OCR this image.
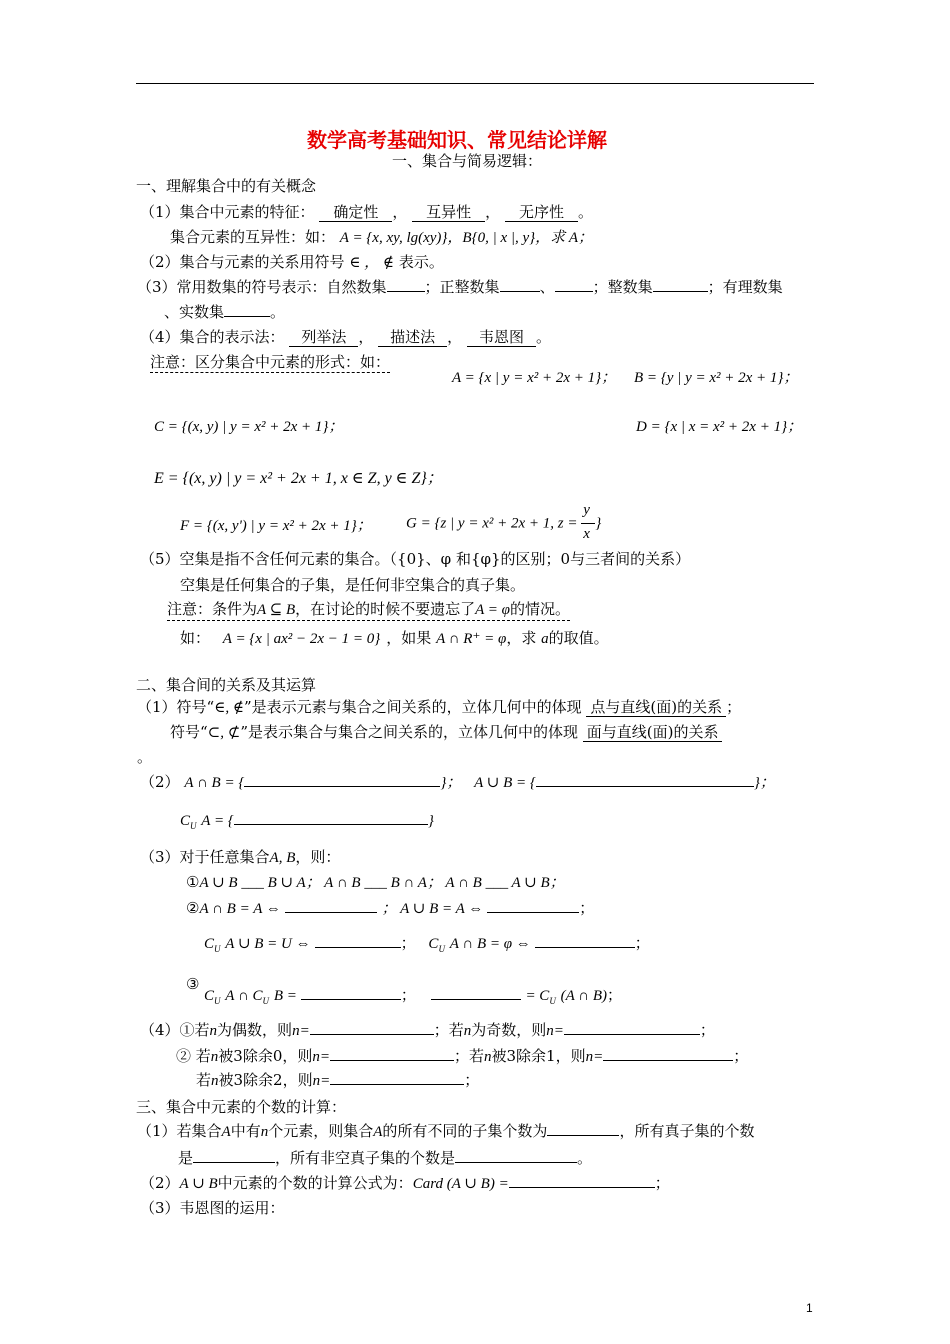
数学高考基础知识、常见结论详解
一、集合与简易逻辑：
一、理解集合中的有关概念
（1）集合中元素的特征： 确定性 ， 互异性 ， 无序性 。
集合元素的互异性：如： A = {x, xy, lg(xy)}，B{0, | x |, y}，求 A；
（2）集合与元素的关系用符号 ∈ ， ∉ 表示。
（3）常用数集的符号表示：自然数集	；正整数集	、	；整数集	；有理数集
、实数集	。
（4）集合的表示法： 列举法 ， 描述法 ， 韦恩图 。
注意：区分集合中元素的形式：如：
A = {x | y = x² + 2x + 1}； B = {y | y = x² + 2x + 1}；
C = {(x, y) | y = x² + 2x + 1}；	D = {x | x = x² + 2x + 1}；
E = {(x, y) | y = x² + 2x + 1, x ∈ Z, y ∈ Z}；
F = {(x, y') | y = x² + 2x + 1}； G = {z | y = x² + 2x + 1, $z = \frac{y}{x}$ }
（5）空集是指不含任何元素的集合。（{0}、φ 和{φ}的区别；0与三者间的关系）
空集是任何集合的子集，是任何非空集合的真子集。
注意：条件为A ⊆ B，在讨论的时候不要遗忘了A = φ的情况。
如： A = {x | ax² − 2x − 1 = 0} ，如果 A ∩ R⁺ = φ，求 a的取值。
二、集合间的关系及其运算
（1）符号“∈, ∉”是表示元素与集合之间关系的，立体几何中的体现 点与直线(面)的关系 ；
符号“⊂, ⊄”是表示集合与集合之间关系的，立体几何中的体现 面与直线(面)的关系
。
（2） A ∩ B = {	}； A ∪ B = {	}；
$C_U$ A = {	}
（3）对于任意集合A, B，则：
①A ∪ B ___ B ∪ A； A ∩ B ___ B ∩ A； A ∩ B ___ A ∪ B；
②A ∩ B = A ⇔	； A ∪ B = A ⇔	；
$C_U$ A ∪ B = U ⇔	； $C_U$ A ∩ B = φ ⇔	；
③
$C_U$ A ∩ $C_U$ B =	；	= $C_U$ (A ∩ B)；
（4）①若n为偶数，则n=	；若n为奇数，则n=	；
② 若n被3除余0，则n=	；若n被3除余1，则n=	；
若n被3除余2，则n=	；
三、集合中元素的个数的计算：
（1）若集合A中有n个元素，则集合A的所有不同的子集个数为	，所有真子集的个数
是	，所有非空真子集的个数是	。
（2）A ∪ B中元素的个数的计算公式为：Card (A ∪ B) =	；
（3）韦恩图的运用：
1
